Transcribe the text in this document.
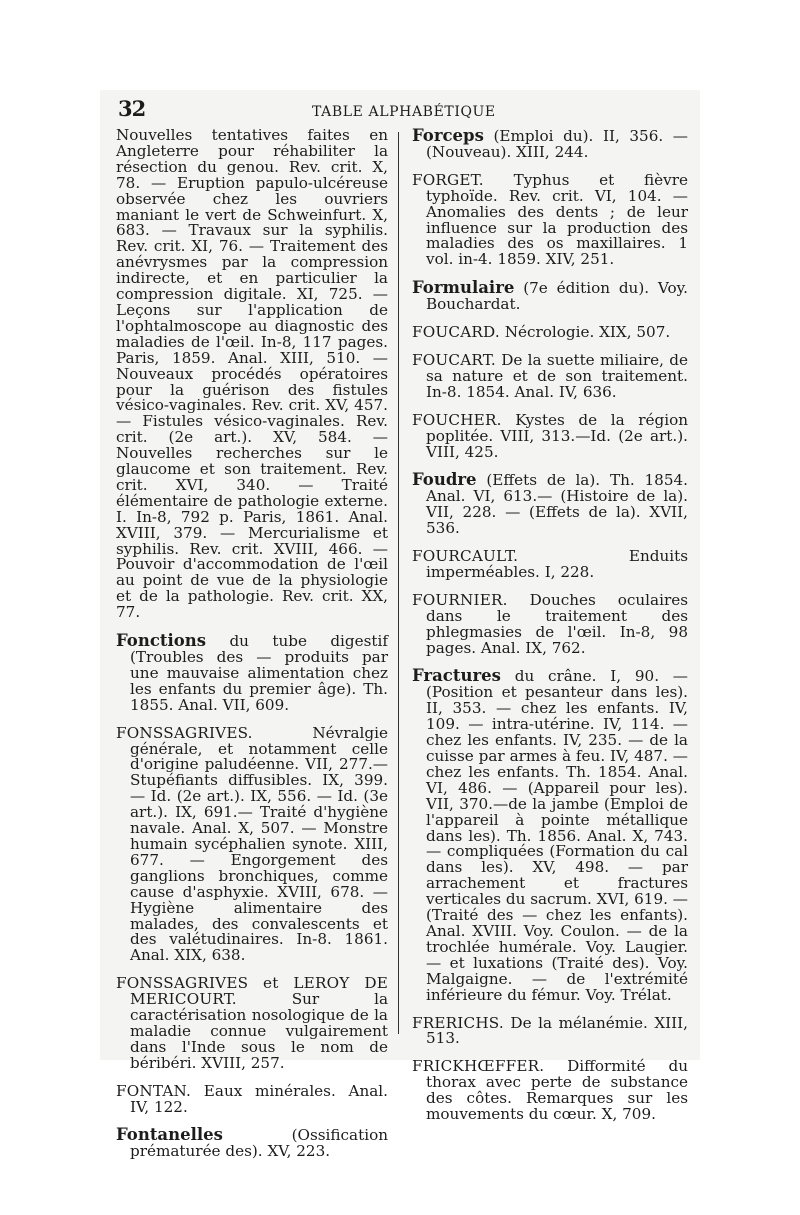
32	TABLE ALPHABÉTIQUE
Nouvelles tentatives faites en Angleterre pour réhabiliter la résection du genou. Rev. crit. X, 78. — Eruption papulo-ulcéreuse observée chez les ouvriers maniant le vert de Schweinfurt. X, 683. — Travaux sur la syphilis. Rev. crit. XI, 76. — Traitement des anévrysmes par la compression indirecte, et en particulier la compression digitale. XI, 725. — Leçons sur l'application de l'ophtalmoscope au diagnostic des maladies de l'œil. In-8, 117 pages. Paris, 1859. Anal. XIII, 510. — Nouveaux procédés opératoires pour la guérison des fistules vésico-vaginales. Rev. crit. XV, 457. — Fistules vésico-vaginales. Rev. crit. (2e art.). XV, 584. — Nouvelles recherches sur le glaucome et son traitement. Rev. crit. XVI, 340. — Traité élémentaire de pathologie externe. I. In-8, 792 p. Paris, 1861. Anal. XVIII, 379. — Mercurialisme et syphilis. Rev. crit. XVIII, 466. — Pouvoir d'accommodation de l'œil au point de vue de la physiologie et de la pathologie. Rev. crit. XX, 77.
Fonctions du tube digestif (Troubles des — produits par une mauvaise alimentation chez les enfants du premier âge). Th. 1855. Anal. VII, 609.
FONSSAGRIVES. Névralgie générale, et notamment celle d'origine paludéenne. VII, 277.—Stupéfiants diffusibles. IX, 399. — Id. (2e art.). IX, 556. — Id. (3e art.). IX, 691.— Traité d'hygiène navale. Anal. X, 507. — Monstre humain sycéphalien synote. XIII, 677. — Engorgement des ganglions bronchiques, comme cause d'asphyxie. XVIII, 678. — Hygiène alimentaire des malades, des convalescents et des valétudinaires. In-8. 1861. Anal. XIX, 638.
FONSSAGRIVES et LEROY DE MERICOURT. Sur la caractérisation nosologique de la maladie connue vulgairement dans l'Inde sous le nom de béribéri. XVIII, 257.
FONTAN. Eaux minérales. Anal. IV, 122.
Fontanelles (Ossification prématurée des). XV, 223.
Forceps (Emploi du). II, 356. — (Nouveau). XIII, 244.
FORGET. Typhus et fièvre typhoïde. Rev. crit. VI, 104. — Anomalies des dents ; de leur influence sur la production des maladies des os maxillaires. 1 vol. in-4. 1859. XIV, 251.
Formulaire (7e édition du). Voy. Bouchardat.
FOUCARD. Nécrologie. XIX, 507.
FOUCART. De la suette miliaire, de sa nature et de son traitement. In-8. 1854. Anal. IV, 636.
FOUCHER. Kystes de la région poplitée. VIII, 313.—Id. (2e art.). VIII, 425.
Foudre (Effets de la). Th. 1854. Anal. VI, 613.— (Histoire de la). VII, 228. — (Effets de la). XVII, 536.
FOURCAULT. Enduits imperméables. I, 228.
FOURNIER. Douches oculaires dans le traitement des phlegmasies de l'œil. In-8, 98 pages. Anal. IX, 762.
Fractures du crâne. I, 90. — (Position et pesanteur dans les). II, 353. — chez les enfants. IV, 109. — intra-utérine. IV, 114. — chez les enfants. IV, 235. — de la cuisse par armes à feu. IV, 487. — chez les enfants. Th. 1854. Anal. VI, 486. — (Appareil pour les). VII, 370.—de la jambe (Emploi de l'appareil à pointe métallique dans les). Th. 1856. Anal. X, 743. — compliquées (Formation du cal dans les). XV, 498. — par arrachement et fractures verticales du sacrum. XVI, 619. — (Traité des — chez les enfants). Anal. XVIII. Voy. Coulon. — de la trochlée humérale. Voy. Laugier. — et luxations (Traité des). Voy. Malgaigne. — de l'extrémité inférieure du fémur. Voy. Trélat.
FRERICHS. De la mélanémie. XIII, 513.
FRICKHŒFFER. Difformité du thorax avec perte de substance des côtes. Remarques sur les mouvements du cœur. X, 709.
